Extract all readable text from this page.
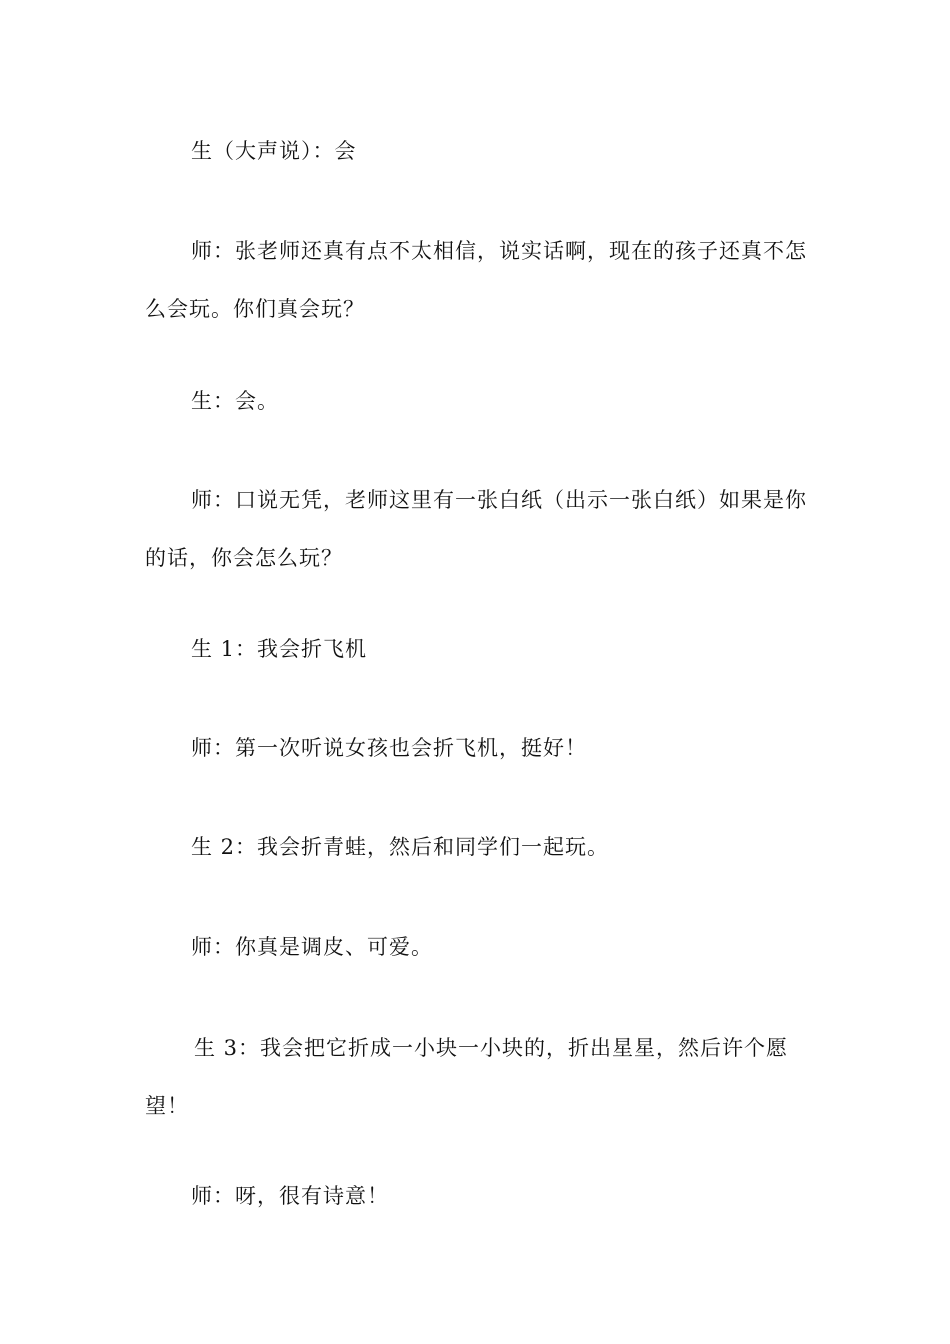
生（大声说）：会

师：张老师还真有点不太相信，说实话啊，现在的孩子还真不怎么会玩。你们真会玩？

生：会。

师：口说无凭，老师这里有一张白纸（出示一张白纸）如果是你的话，你会怎么玩？

生 1：我会折飞机

师：第一次听说女孩也会折飞机，挺好！

生 2：我会折青蛙，然后和同学们一起玩。

师：你真是调皮、可爱。

生 3：我会把它折成一小块一小块的，折出星星，然后许个愿望！

师：呀，很有诗意！
